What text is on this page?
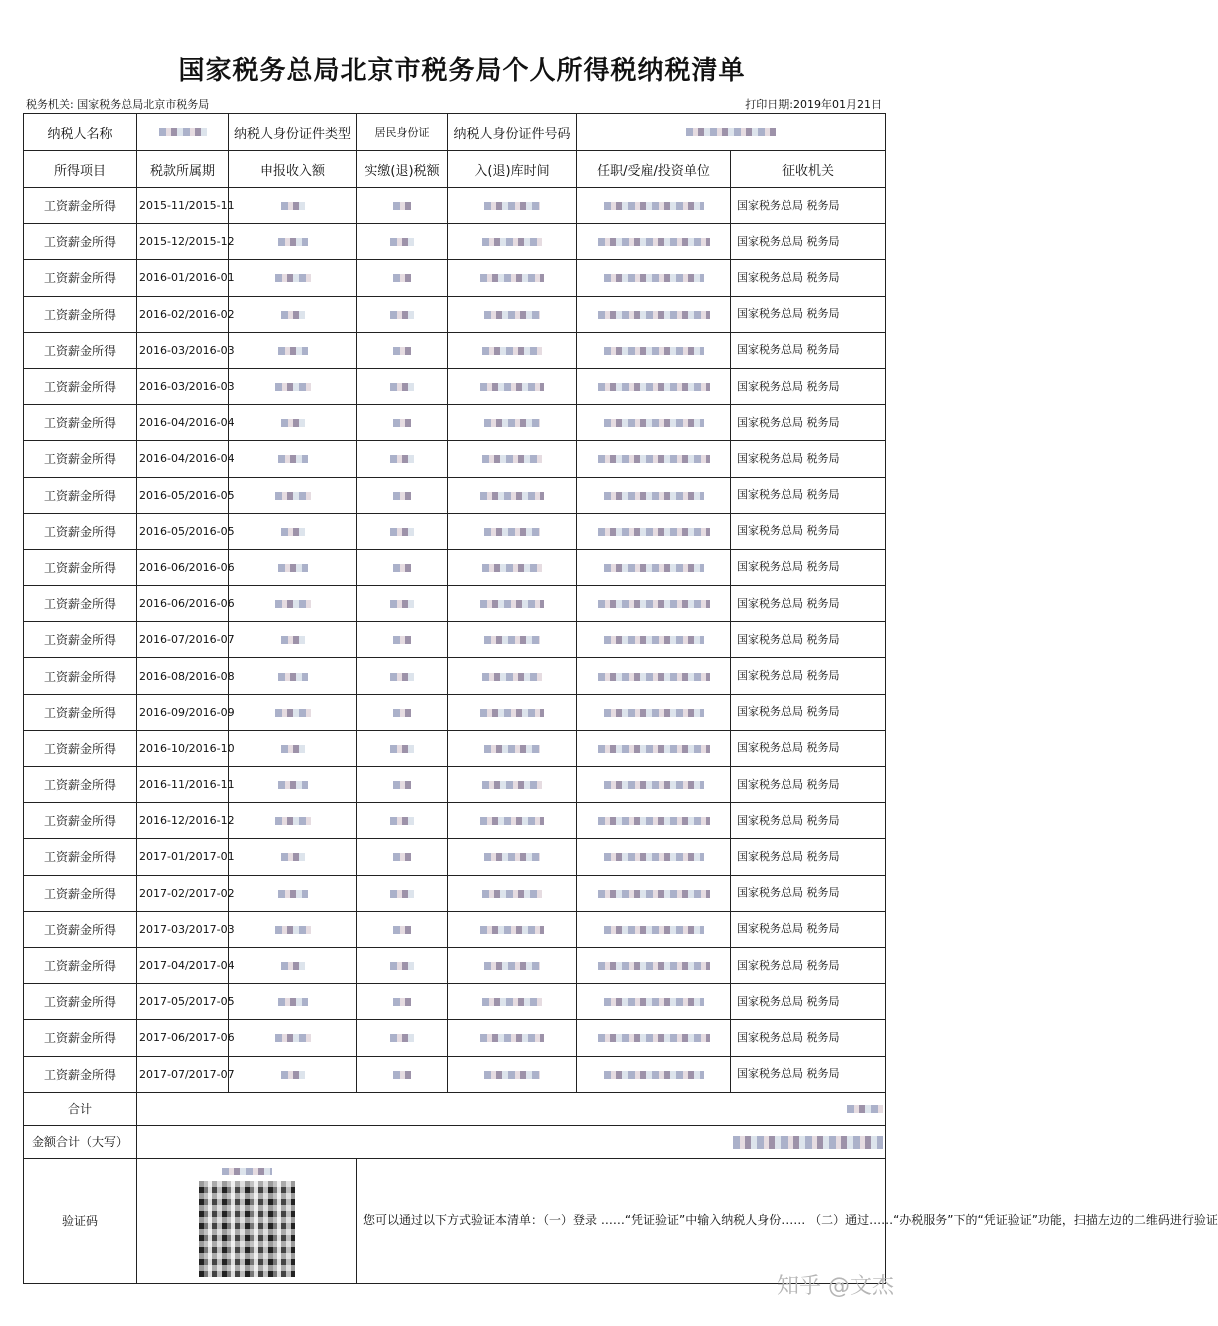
国家税务总局北京市税务局个人所得税纳税清单
税务机关: 国家税务总局北京市税务局	打印日期:2019年01月21日
纳税人名称		纳税人身份证件类型	居民身份证	纳税人身份证件号码		
所得项目	税款所属期	申报收入额	实缴(退)税额	入(退)库时间	任职/受雇/投资单位	征收机关
工资薪金所得	2015-11/2015-11					国家税务总局 税务局
工资薪金所得	2015-12/2015-12					国家税务总局 税务局
工资薪金所得	2016-01/2016-01					国家税务总局 税务局
工资薪金所得	2016-02/2016-02					国家税务总局 税务局
工资薪金所得	2016-03/2016-03					国家税务总局 税务局
工资薪金所得	2016-03/2016-03					国家税务总局 税务局
工资薪金所得	2016-04/2016-04					国家税务总局 税务局
工资薪金所得	2016-04/2016-04					国家税务总局 税务局
工资薪金所得	2016-05/2016-05					国家税务总局 税务局
工资薪金所得	2016-05/2016-05					国家税务总局 税务局
工资薪金所得	2016-06/2016-06					国家税务总局 税务局
工资薪金所得	2016-06/2016-06					国家税务总局 税务局
工资薪金所得	2016-07/2016-07					国家税务总局 税务局
工资薪金所得	2016-08/2016-08					国家税务总局 税务局
工资薪金所得	2016-09/2016-09					国家税务总局 税务局
工资薪金所得	2016-10/2016-10					国家税务总局 税务局
工资薪金所得	2016-11/2016-11					国家税务总局 税务局
工资薪金所得	2016-12/2016-12					国家税务总局 税务局
工资薪金所得	2017-01/2017-01					国家税务总局 税务局
工资薪金所得	2017-02/2017-02					国家税务总局 税务局
工资薪金所得	2017-03/2017-03					国家税务总局 税务局
工资薪金所得	2017-04/2017-04					国家税务总局 税务局
工资薪金所得	2017-05/2017-05					国家税务总局 税务局
工资薪金所得	2017-06/2017-06					国家税务总局 税务局
工资薪金所得	2017-07/2017-07					国家税务总局 税务局
合计						
金额合计（大写）						
验证码			您可以通过以下方式验证本清单：（一）登录 ……“凭证验证”中输入纳税人身份…… （二）通过……“办税服务”下的“凭证验证”功能，扫描左边的二维码进行验证			
知乎 @文杰
